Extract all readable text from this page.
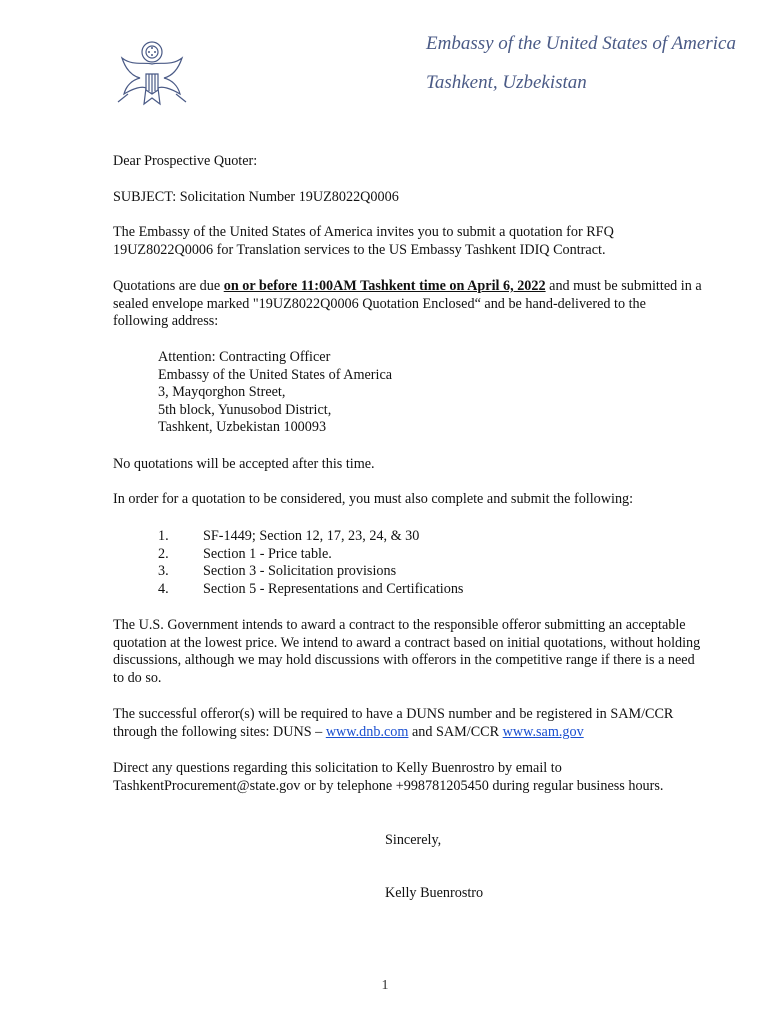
Embassy of the United States of America
Tashkent, Uzbekistan
Dear Prospective Quoter:
SUBJECT: Solicitation Number 19UZ8022Q0006
The Embassy of the United States of America invites you to submit a quotation for RFQ 19UZ8022Q0006 for Translation services to the US Embassy Tashkent IDIQ Contract.
Quotations are due on or before 11:00AM Tashkent time on April 6, 2022 and must be submitted in a sealed envelope marked "19UZ8022Q0006 Quotation Enclosed“ and be hand-delivered to the following address:
Attention: Contracting Officer
Embassy of the United States of America
3, Mayqorghon Street,
5th block, Yunusobod District,
Tashkent, Uzbekistan 100093
No quotations will be accepted after this time.
In order for a quotation to be considered, you must also complete and submit the following:
1.	SF-1449; Section 12, 17, 23, 24, & 30
2.	Section 1 - Price table.
3.	Section 3 - Solicitation provisions
4.	Section 5 - Representations and Certifications
The U.S. Government intends to award a contract to the responsible offeror submitting an acceptable quotation at the lowest price. We intend to award a contract based on initial quotations, without holding discussions, although we may hold discussions with offerors in the competitive range if there is a need to do so.
The successful offeror(s) will be required to have a DUNS number and be registered in SAM/CCR through the following sites: DUNS – www.dnb.com and SAM/CCR www.sam.gov
Direct any questions regarding this solicitation to Kelly Buenrostro by email to TashkentProcurement@state.gov or by telephone +998781205450 during regular business hours.
Sincerely,
Kelly Buenrostro
1
